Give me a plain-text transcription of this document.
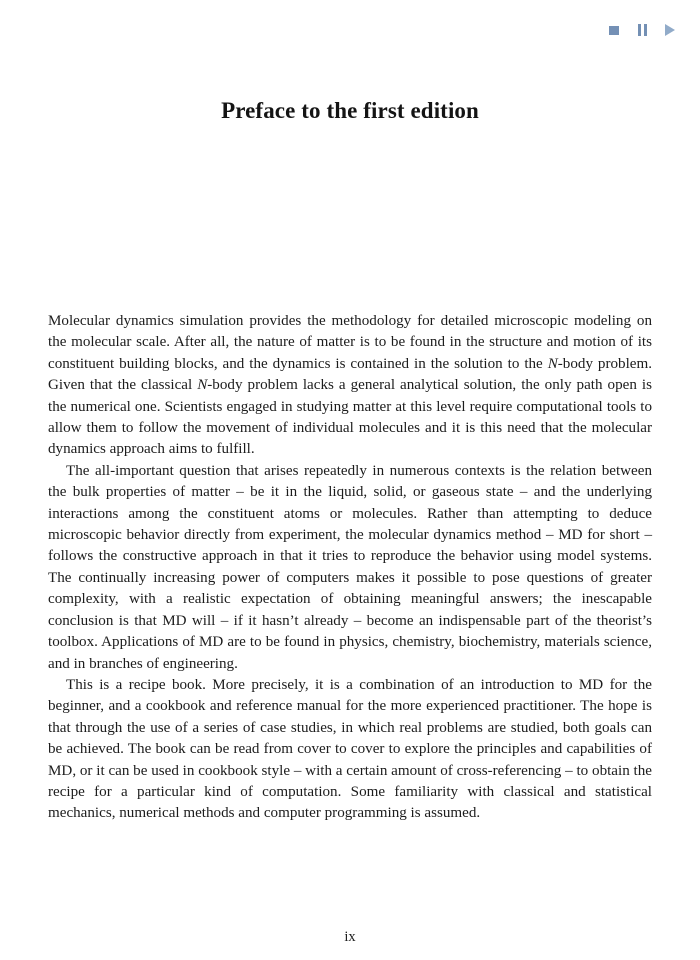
Preface to the first edition

Molecular dynamics simulation provides the methodology for detailed microscopic modeling on the molecular scale. After all, the nature of matter is to be found in the structure and motion of its constituent building blocks, and the dynamics is contained in the solution to the N-body problem. Given that the classical N-body problem lacks a general analytical solution, the only path open is the numerical one. Scientists engaged in studying matter at this level require computational tools to allow them to follow the movement of individual molecules and it is this need that the molecular dynamics approach aims to fulfill.

The all-important question that arises repeatedly in numerous contexts is the relation between the bulk properties of matter – be it in the liquid, solid, or gaseous state – and the underlying interactions among the constituent atoms or molecules. Rather than attempting to deduce microscopic behavior directly from experiment, the molecular dynamics method – MD for short – follows the constructive approach in that it tries to reproduce the behavior using model systems. The continually increasing power of computers makes it possible to pose questions of greater complexity, with a realistic expectation of obtaining meaningful answers; the inescapable conclusion is that MD will – if it hasn’t already – become an indispensable part of the theorist’s toolbox. Applications of MD are to be found in physics, chemistry, biochemistry, materials science, and in branches of engineering.

This is a recipe book. More precisely, it is a combination of an introduction to MD for the beginner, and a cookbook and reference manual for the more experienced practitioner. The hope is that through the use of a series of case studies, in which real problems are studied, both goals can be achieved. The book can be read from cover to cover to explore the principles and capabilities of MD, or it can be used in cookbook style – with a certain amount of cross-referencing – to obtain the recipe for a particular kind of computation. Some familiarity with classical and statistical mechanics, numerical methods and computer programming is assumed.

ix
